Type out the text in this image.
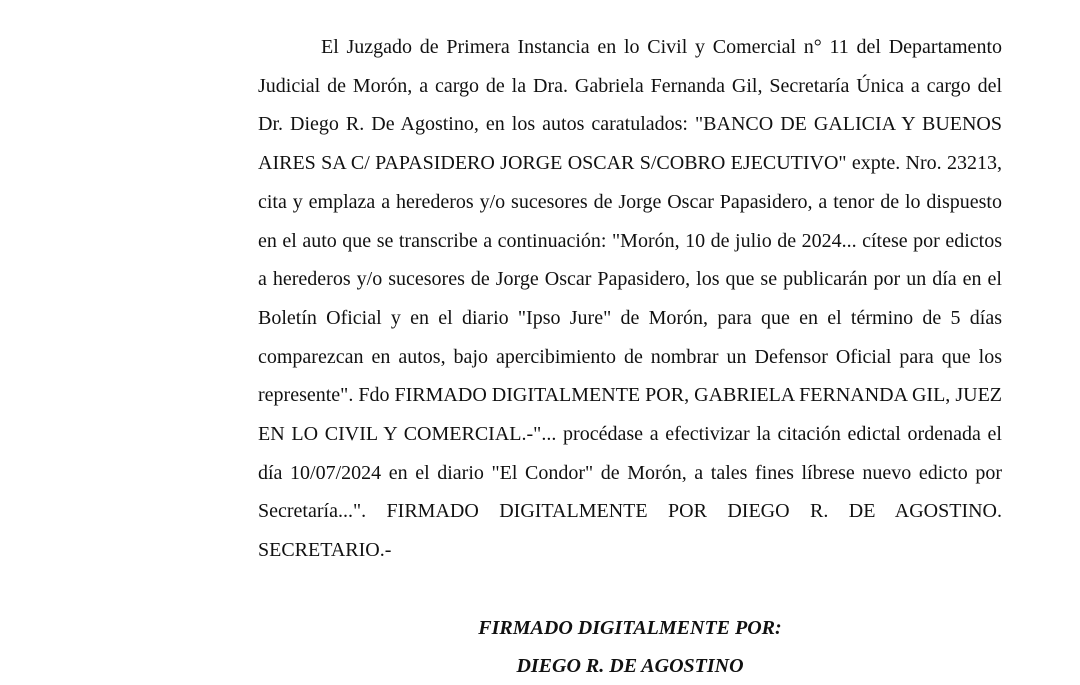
El Juzgado de Primera Instancia en lo Civil y Comercial n° 11 del Departamento Judicial de Morón, a cargo de la Dra. Gabriela Fernanda Gil, Secretaría Única a cargo del Dr. Diego R. De Agostino, en los autos caratulados: "BANCO DE GALICIA Y BUENOS AIRES SA C/ PAPASIDERO JORGE OSCAR S/COBRO EJECUTIVO" expte. Nro. 23213, cita y emplaza a herederos y/o sucesores de Jorge Oscar Papasidero, a tenor de lo dispuesto en el auto que se transcribe a continuación: "Morón, 10 de julio de 2024... cítese por edictos a herederos y/o sucesores de Jorge Oscar Papasidero, los que se publicarán por un día en el Boletín Oficial y en el diario "Ipso Jure" de Morón, para que en el término de 5 días comparezcan en autos, bajo apercibimiento de nombrar un Defensor Oficial para que los represente". Fdo FIRMADO DIGITALMENTE POR, GABRIELA FERNANDA GIL, JUEZ EN LO CIVIL Y COMERCIAL.-"... procédase a efectivizar la citación edictal ordenada el día 10/07/2024 en el diario "El Condor" de Morón, a tales fines líbrese nuevo edicto por Secretaría...". FIRMADO DIGITALMENTE POR DIEGO R. DE AGOSTINO. SECRETARIO.-

FIRMADO DIGITALMENTE POR:

DIEGO R. DE AGOSTINO
